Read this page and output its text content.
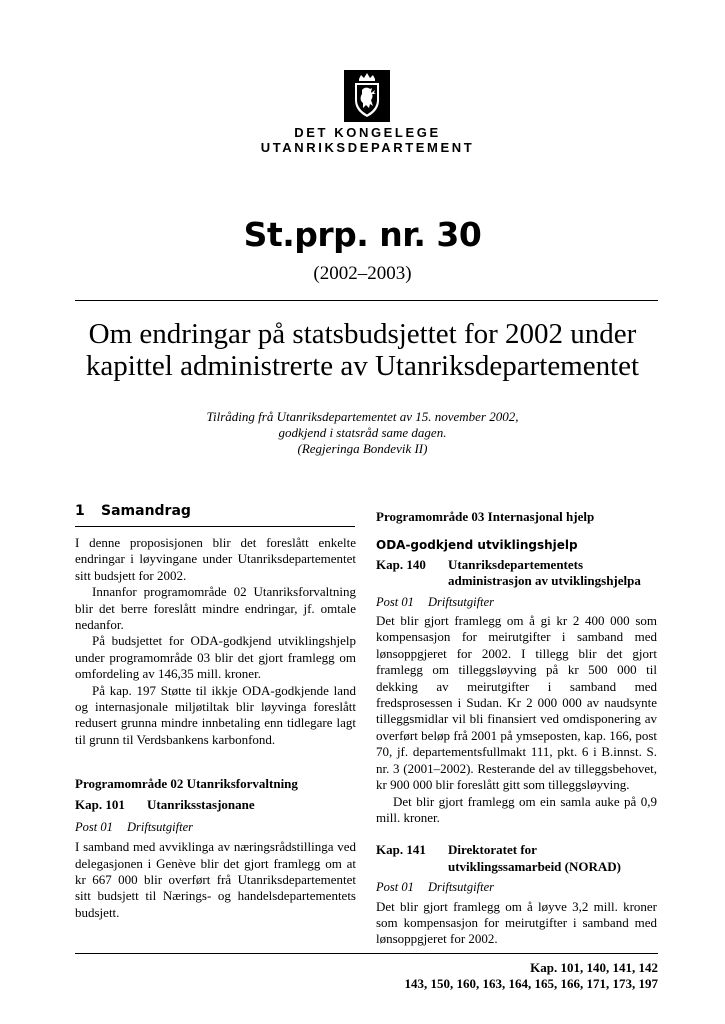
DET KONGELEGE
UTANRIKSDEPARTEMENT
St.prp. nr. 30
(2002–2003)
Om endringar på statsbudsjettet for 2002 under
kapittel administrerte av Utanriksdepartementet
Tilråding frå Utanriksdepartementet av 15. november 2002,
godkjend i statsråd same dagen.
(Regjeringa Bondevik II)
1 Samandrag

I denne proposisjonen blir det foreslått enkelte endringar i løyvingane under Utanriksdepartementet sitt budsjett for 2002.

Innanfor programområde 02 Utanriksforvaltning blir det berre foreslått mindre endringar, jf. omtale nedanfor.

På budsjettet for ODA-godkjend utviklingshjelp under programområde 03 blir det gjort framlegg om omfordeling av 146,35 mill. kroner.

På kap. 197 Støtte til ikkje ODA-godkjende land og internasjonale miljøtiltak blir løyvinga foreslått redusert grunna mindre innbetaling enn tidlegare lagt til grunn til Verdsbankens karbonfond.

Programområde 02 Utanriksforvaltning
Kap. 101	Utanriksstasjonane
Post 01 Driftsutgifter

I samband med avviklinga av næringsrådstillinga ved delegasjonen i Genève blir det gjort framlegg om at kr 667 000 blir overført frå Utanriksdepartementet sitt budsjett til Nærings- og handelsdepartementets budsjett.

Programområde 03 Internasjonal hjelp
ODA-godkjend utviklingshjelp
Kap. 140	Utanriksdepartementets
administrasjon av utviklingshjelpa
Post 01 Driftsutgifter

Det blir gjort framlegg om å gi kr 2 400 000 som kompensasjon for meirutgifter i samband med lønsoppgjeret for 2002. I tillegg blir det gjort framlegg om tilleggsløyving på kr 500 000 til dekking av meirutgifter i samband med fredsprosessen i Sudan. Kr 2 000 000 av naudsynte tilleggsmidlar vil bli finansiert ved omdisponering av overført beløp frå 2001 på ymseposten, kap. 166, post 70, jf. departementsfullmakt 111, pkt. 6 i B.innst. S. nr. 3 (2001–2002). Resterande del av tilleggsbehovet, kr 900 000 blir foreslått gitt som tilleggsløyving.

Det blir gjort framlegg om ein samla auke på 0,9 mill. kroner.

Kap. 141	Direktoratet for
utviklingssamarbeid (NORAD)
Post 01 Driftsutgifter

Det blir gjort framlegg om å løyve 3,2 mill. kroner som kompensasjon for meirutgifter i samband med lønsoppgjeret for 2002.

Kap. 101, 140, 141, 142
143, 150, 160, 163, 164, 165, 166, 171, 173, 197
